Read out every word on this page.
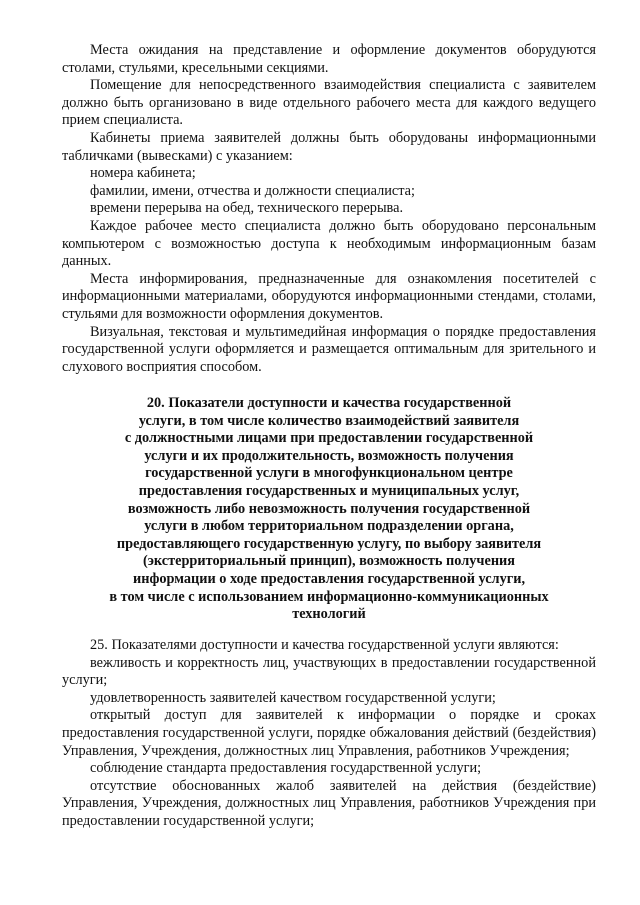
Места ожидания на представление и оформление документов оборудуются столами, стульями, кресельными секциями.

Помещение для непосредственного взаимодействия специалиста с заявителем должно быть организовано в виде отдельного рабочего места для каждого ведущего прием специалиста.

Кабинеты приема заявителей должны быть оборудованы информационными табличками (вывесками) с указанием:

номера кабинета;

фамилии, имени, отчества и должности специалиста;

времени перерыва на обед, технического перерыва.

Каждое рабочее место специалиста должно быть оборудовано персональным компьютером с возможностью доступа к необходимым информационным базам данных.

Места информирования, предназначенные для ознакомления посетителей с информационными материалами, оборудуются информационными стендами, столами, стульями для возможности оформления документов.

Визуальная, текстовая и мультимедийная информация о порядке предоставления государственной услуги оформляется и размещается оптимальным для зрительного и слухового восприятия способом.

20. Показатели доступности и качества государственной
услуги, в том числе количество взаимодействий заявителя
с должностными лицами при предоставлении государственной
услуги и их продолжительность, возможность получения
государственной услуги в многофункциональном центре
предоставления государственных и муниципальных услуг,
возможность либо невозможность получения государственной
услуги в любом территориальном подразделении органа,
предоставляющего государственную услугу, по выбору заявителя
(экстерриториальный принцип), возможность получения
информации о ходе предоставления государственной услуги,
в том числе с использованием информационно-коммуникационных
технологий

25. Показателями доступности и качества государственной услуги являются:

вежливость и корректность лиц, участвующих в предоставлении государственной услуги;

удовлетворенность заявителей качеством государственной услуги;

открытый доступ для заявителей к информации о порядке и сроках предоставления государственной услуги, порядке обжалования действий (бездействия) Управления, Учреждения, должностных лиц Управления, работников Учреждения;

соблюдение стандарта предоставления государственной услуги;

отсутствие обоснованных жалоб заявителей на действия (бездействие) Управления, Учреждения, должностных лиц Управления, работников Учреждения при предоставлении государственной услуги;
